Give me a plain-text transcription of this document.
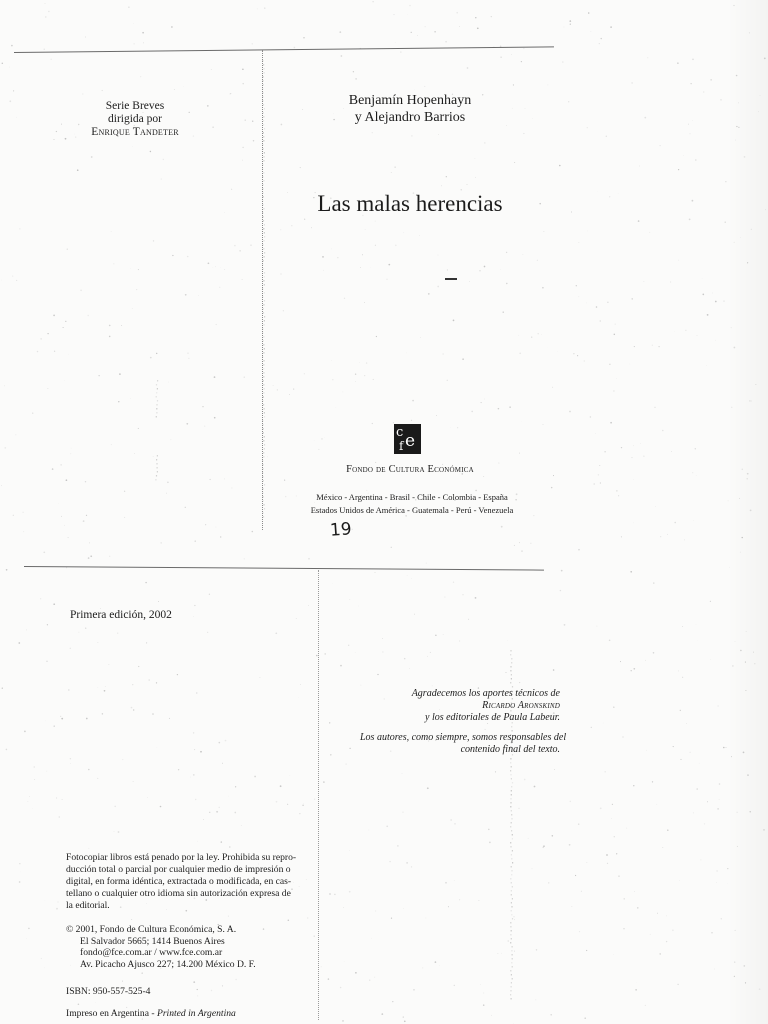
Serie Breves
dirigida por
Enrique Tandeter
Benjamín Hopenhayn
y Alejandro Barrios
Las malas herencias
c e
f
Fondo de Cultura Económica
México - Argentina - Brasil - Chile - Colombia - España
Estados Unidos de América - Guatemala - Perú - Venezuela
19
Primera edición, 2002
Agradecemos los aportes técnicos de
Ricardo Aronskind
y los editoriales de Paula Labeur.
Los autores, como siempre, somos responsables del
contenido final del texto.
Fotocopiar libros está penado por la ley. Prohibida su repro-
ducción total o parcial por cualquier medio de impresión o
digital, en forma idéntica, extractada o modificada, en cas-
tellano o cualquier otro idioma sin autorización expresa de
la editorial.
© 2001, Fondo de Cultura Económica, S. A.
El Salvador 5665; 1414 Buenos Aires
fondo@fce.com.ar / www.fce.com.ar
Av. Picacho Ajusco 227; 14.200 México D. F.
ISBN: 950-557-525-4
Impreso en Argentina - Printed in Argentina
